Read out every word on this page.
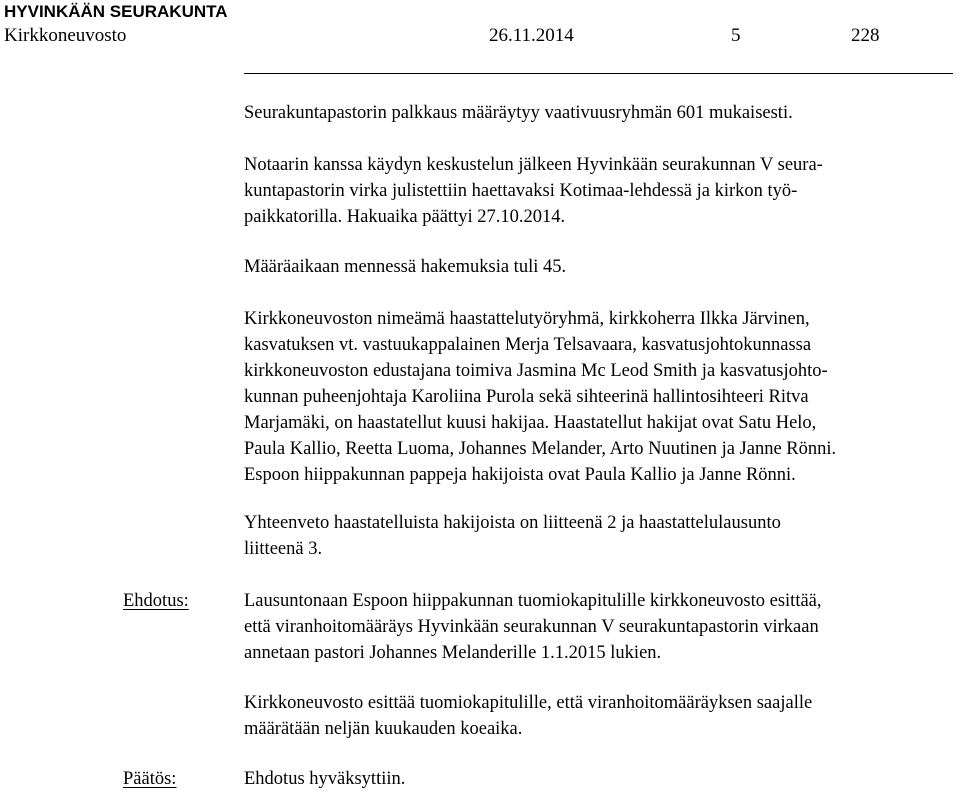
HYVINKÄÄN SEURAKUNTA
Kirkkoneuvosto	26.11.2014	5	228
Seurakuntapastorin palkkaus määräytyy vaativuusryhmän 601 mukaisesti.
Notaarin kanssa käydyn keskustelun jälkeen Hyvinkään seurakunnan V seura-
kuntapastorin virka julistettiin haettavaksi Kotimaa-lehdessä ja kirkon työ-
paikkatorilla. Hakuaika päättyi 27.10.2014.
Määräaikaan mennessä hakemuksia tuli 45.
Kirkkoneuvoston nimeämä haastattelutyöryhmä, kirkkoherra Ilkka Järvinen,
kasvatuksen vt. vastuukappalainen Merja Telsavaara, kasvatusjohtokunnassa
kirkkoneuvoston edustajana toimiva Jasmina Mc Leod Smith ja kasvatusjohto-
kunnan puheenjohtaja Karoliina Purola sekä sihteerinä hallintosihteeri Ritva
Marjamäki, on haastatellut kuusi hakijaa. Haastatellut hakijat ovat Satu Helo,
Paula Kallio, Reetta Luoma, Johannes Melander, Arto Nuutinen ja Janne Rönni.
Espoon hiippakunnan pappeja hakijoista ovat Paula Kallio ja Janne Rönni.
Yhteenveto haastatelluista hakijoista on liitteenä 2 ja haastattelulausunto
liitteenä 3.
Ehdotus:	Lausuntonaan Espoon hiippakunnan tuomiokapitulille kirkkoneuvosto esittää,
että viranhoitomääräys Hyvinkään seurakunnan V seurakuntapastorin virkaan
annetaan pastori Johannes Melanderille 1.1.2015 lukien.
Kirkkoneuvosto esittää tuomiokapitulille, että viranhoitomääräyksen saajalle
määrätään neljän kuukauden koeaika.
Päätös:	Ehdotus hyväksyttiin.
